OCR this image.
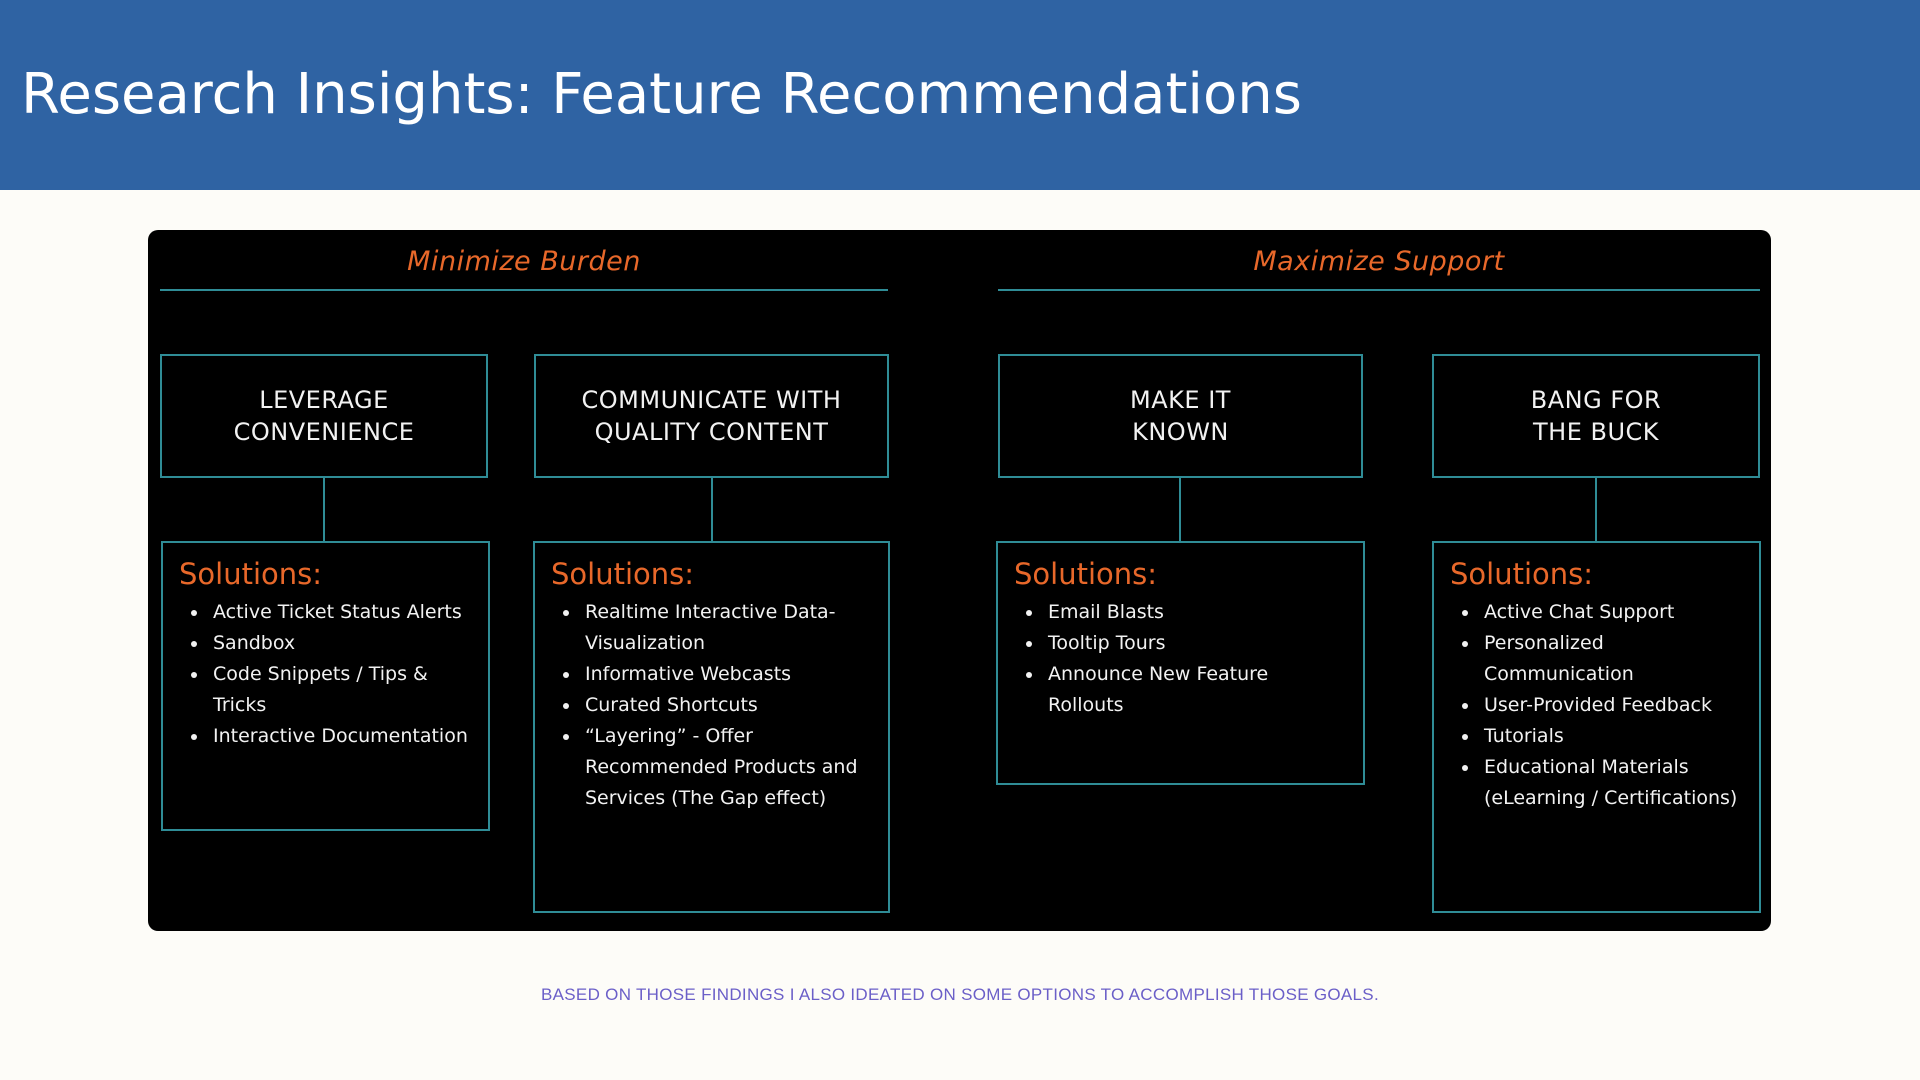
Research Insights: Feature Recommendations
Minimize Burden	Maximize Support
LEVERAGE
CONVENIENCE
Solutions:
• Active Ticket Status Alerts
• Sandbox
• Code Snippets / Tips & Tricks
• Interactive Documentation
COMMUNICATE WITH
QUALITY CONTENT
Solutions:
• Realtime Interactive Data-Visualization
• Informative Webcasts
• Curated Shortcuts
• “Layering” - Offer Recommended Products and Services (The Gap effect)
MAKE IT
KNOWN
Solutions:
• Email Blasts
• Tooltip Tours
• Announce New Feature Rollouts
BANG FOR
THE BUCK
Solutions:
• Active Chat Support
• Personalized Communication
• User-Provided Feedback
• Tutorials
• Educational Materials (eLearning / Certifications)
BASED ON THOSE FINDINGS I ALSO IDEATED ON SOME OPTIONS TO ACCOMPLISH THOSE GOALS.
